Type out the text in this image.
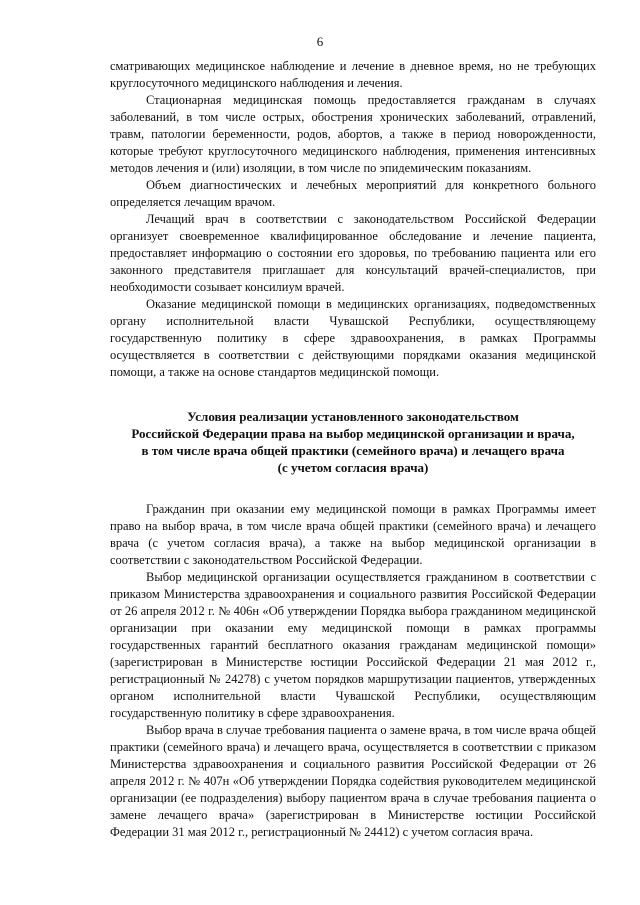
6

сматривающих медицинское наблюдение и лечение в дневное время, но не требующих круглосуточного медицинского наблюдения и лечения.

Стационарная медицинская помощь предоставляется гражданам в случаях заболеваний, в том числе острых, обострения хронических заболеваний, отравлений, травм, патологии беременности, родов, абортов, а также в период новорожденности, которые требуют круглосуточного медицинского наблюдения, применения интенсивных методов лечения и (или) изоляции, в том числе по эпидемическим показаниям.

Объем диагностических и лечебных мероприятий для конкретного больного определяется лечащим врачом.

Лечащий врач в соответствии с законодательством Российской Федерации организует своевременное квалифицированное обследование и лечение пациента, предоставляет информацию о состоянии его здоровья, по требованию пациента или его законного представителя приглашает для консультаций врачей-специалистов, при необходимости созывает консилиум врачей.

Оказание медицинской помощи в медицинских организациях, подведомственных органу исполнительной власти Чувашской Республики, осуществляющему государственную политику в сфере здравоохранения, в рамках Программы осуществляется в соответствии с действующими порядками оказания медицинской помощи, а также на основе стандартов медицинской помощи.

Условия реализации установленного законодательством
Российской Федерации права на выбор медицинской организации и врача,
в том числе врача общей практики (семейного врача) и лечащего врача
(с учетом согласия врача)

Гражданин при оказании ему медицинской помощи в рамках Программы имеет право на выбор врача, в том числе врача общей практики (семейного врача) и лечащего врача (с учетом согласия врача), а также на выбор медицинской организации в соответствии с законодательством Российской Федерации.

Выбор медицинской организации осуществляется гражданином в соответствии с приказом Министерства здравоохранения и социального развития Российской Федерации от 26 апреля 2012 г. № 406н «Об утверждении Порядка выбора гражданином медицинской организации при оказании ему медицинской помощи в рамках программы государственных гарантий бесплатного оказания гражданам медицинской помощи» (зарегистрирован в Министерстве юстиции Российской Федерации 21 мая 2012 г., регистрационный № 24278) с учетом порядков маршрутизации пациентов, утвержденных органом исполнительной власти Чувашской Республики, осуществляющим государственную политику в сфере здравоохранения.

Выбор врача в случае требования пациента о замене врача, в том числе врача общей практики (семейного врача) и лечащего врача, осуществляется в соответствии с приказом Министерства здравоохранения и социального развития Российской Федерации от 26 апреля 2012 г. № 407н «Об утверждении Порядка содействия руководителем медицинской организации (ее подразделения) выбору пациентом врача в случае требования пациента о замене лечащего врача» (зарегистрирован в Министерстве юстиции Российской Федерации 31 мая 2012 г., регистрационный № 24412) с учетом согласия врача.
